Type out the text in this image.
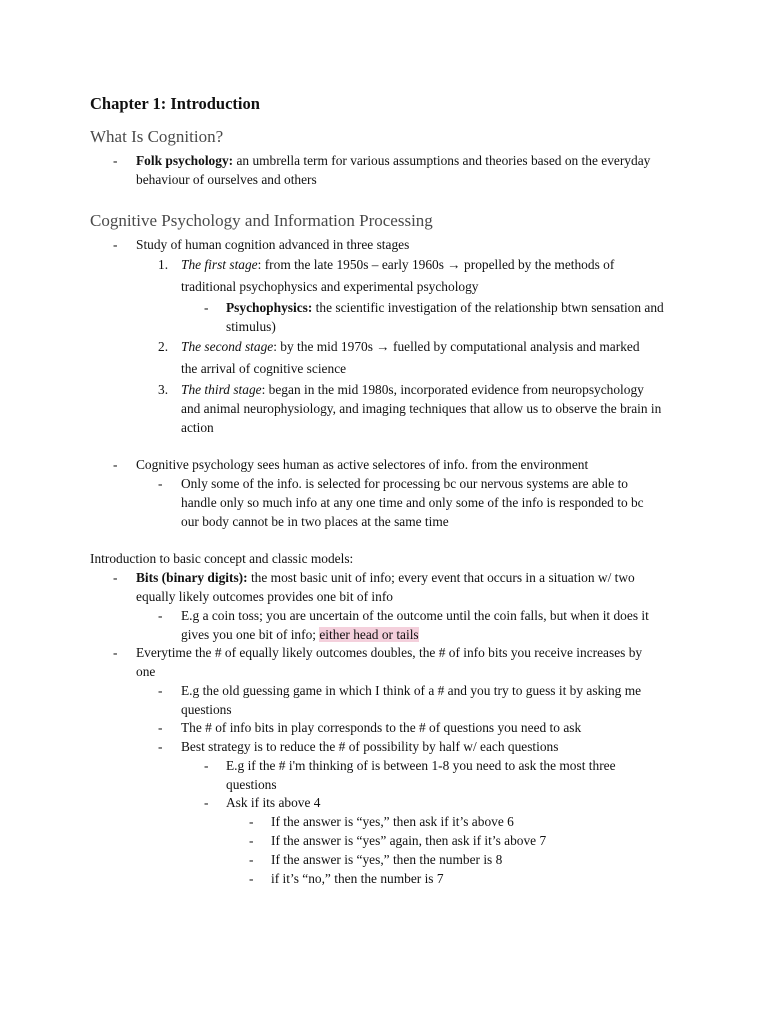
Chapter 1: Introduction
What Is Cognition?
- Folk psychology: an umbrella term for various assumptions and theories based on the everyday
behaviour of ourselves and others
Cognitive Psychology and Information Processing
- Study of human cognition advanced in three stages
1. The first stage: from the late 1950s – early 1960s → propelled by the methods of
traditional psychophysics and experimental psychology
- Psychophysics: the scientific investigation of the relationship btwn sensation and
stimulus)
2. The second stage: by the mid 1970s → fuelled by computational analysis and marked
the arrival of cognitive science
3. The third stage: began in the mid 1980s, incorporated evidence from neuropsychology
and animal neurophysiology, and imaging techniques that allow us to observe the brain in
action
- Cognitive psychology sees human as active selectores of info. from the environment
- Only some of the info. is selected for processing bc our nervous systems are able to
handle only so much info at any one time and only some of the info is responded to bc
our body cannot be in two places at the same time
Introduction to basic concept and classic models:
- Bits (binary digits): the most basic unit of info; every event that occurs in a situation w/ two
equally likely outcomes provides one bit of info
- E.g a coin toss; you are uncertain of the outcome until the coin falls, but when it does it
gives you one bit of info; either head or tails
- Everytime the # of equally likely outcomes doubles, the # of info bits you receive increases by
one
- E.g the old guessing game in which I think of a # and you try to guess it by asking me
questions
- The # of info bits in play corresponds to the # of questions you need to ask
- Best strategy is to reduce the # of possibility by half w/ each questions
- E.g if the # i'm thinking of is between 1-8 you need to ask the most three
questions
- Ask if its above 4
- If the answer is “yes,” then ask if it’s above 6
- If the answer is “yes” again, then ask if it’s above 7
- If the answer is “yes,” then the number is 8
- if it’s “no,” then the number is 7
